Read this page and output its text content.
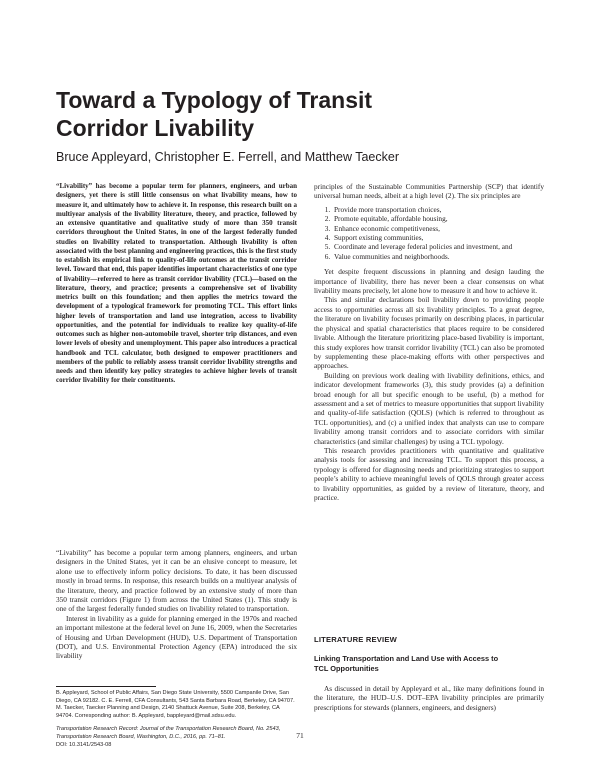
Toward a Typology of Transit
Corridor Livability
Bruce Appleyard, Christopher E. Ferrell, and Matthew Taecker

“Livability” has become a popular term for planners, engineers, and urban designers, yet there is still little consensus on what livability means, how to measure it, and ultimately how to achieve it. In response, this research built on a multiyear analysis of the livability literature, theory, and practice, followed by an extensive quantitative and qualitative study of more than 350 transit corridors throughout the United States, in one of the largest federally funded studies on livability related to transportation. Although livability is often associated with the best planning and engineering practices, this is the first study to establish its empirical link to quality-of-life outcomes at the transit corridor level. Toward that end, this paper identifies important characteristics of one type of livability—referred to here as transit corridor livability (TCL)—based on the literature, theory, and practice; presents a comprehensive set of livability metrics built on this foundation; and then applies the metrics toward the development of a typological framework for promoting TCL. This effort links higher levels of transportation and land use integration, access to livability opportunities, and the potential for individuals to realize key quality-of-life outcomes such as higher non-automobile travel, shorter trip distances, and even lower levels of obesity and unemployment. This paper also introduces a practical handbook and TCL calculator, both designed to empower practitioners and members of the public to reliably assess transit corridor livability strengths and needs and then identify key policy strategies to achieve higher levels of transit corridor livability for their constituents.

“Livability” has become a popular term among planners, engineers, and urban designers in the United States, yet it can be an elusive concept to measure, let alone use to effectively inform policy decisions. To date, it has been discussed mostly in broad terms. In response, this research builds on a multiyear analysis of the literature, theory, and practice followed by an extensive study of more than 350 transit corridors (Figure 1) from across the United States (1). This study is one of the largest federally funded studies on livability related to transportation.

Interest in livability as a guide for planning emerged in the 1970s and reached an important milestone at the federal level on June 16, 2009, when the Secretaries of Housing and Urban Development (HUD), U.S. Department of Transportation (DOT), and U.S. Environmental Protection Agency (EPA) introduced the six livability

B. Appleyard, School of Public Affairs, San Diego State University, 5500 Campanile Drive, San Diego, CA 92182. C. E. Ferrell, CFA Consultants, 543 Santa Barbara Road, Berkeley, CA 94707. M. Taecker, Taecker Planning and Design, 2140 Shattuck Avenue, Suite 208, Berkeley, CA 94704. Corresponding author: B. Appleyard, bappleyard@mail.sdsu.edu.
Transportation Research Record: Journal of the Transportation Research Board, No. 2543, Transportation Research Board, Washington, D.C., 2016, pp. 71–81.
DOI: 10.3141/2543-08

principles of the Sustainable Communities Partnership (SCP) that identify universal human needs, albeit at a high level (2). The six principles are

1. Provide more transportation choices,
2. Promote equitable, affordable housing,
3. Enhance economic competitiveness,
4. Support existing communities,
5. Coordinate and leverage federal policies and investment, and
6. Value communities and neighborhoods.

Yet despite frequent discussions in planning and design lauding the importance of livability, there has never been a clear consensus on what livability means precisely, let alone how to measure it and how to achieve it.

This and similar declarations boil livability down to providing people access to opportunities across all six livability principles. To a great degree, the literature on livability focuses primarily on describing places, in particular the physical and spatial characteristics that places require to be considered livable. Although the literature prioritizing place-based livability is important, this study explores how transit corridor livability (TCL) can also be promoted by supplementing these place-making efforts with other perspectives and approaches.

Building on previous work dealing with livability definitions, ethics, and indicator development frameworks (3), this study provides (a) a definition broad enough for all but specific enough to be useful, (b) a method for assessment and a set of metrics to measure opportunities that support livability and quality-of-life satisfaction (QOLS) (which is referred to throughout as TCL opportunities), and (c) a unified index that analysts can use to compare livability among transit corridors and to associate corridors with similar characteristics (and similar challenges) by using a TCL typology.

This research provides practitioners with quantitative and qualitative analysis tools for assessing and increasing TCL. To support this process, a typology is offered for diagnosing needs and prioritizing strategies to support people’s ability to achieve meaningful levels of QOLS through greater access to livability opportunities, as guided by a review of literature, theory, and practice.

LITERATURE REVIEW
Linking Transportation and Land Use with Access to TCL Opportunities

As discussed in detail by Appleyard et al., like many definitions found in the literature, the HUD–U.S. DOT–EPA livability principles are primarily prescriptions for stewards (planners, engineers, and designers)

71
